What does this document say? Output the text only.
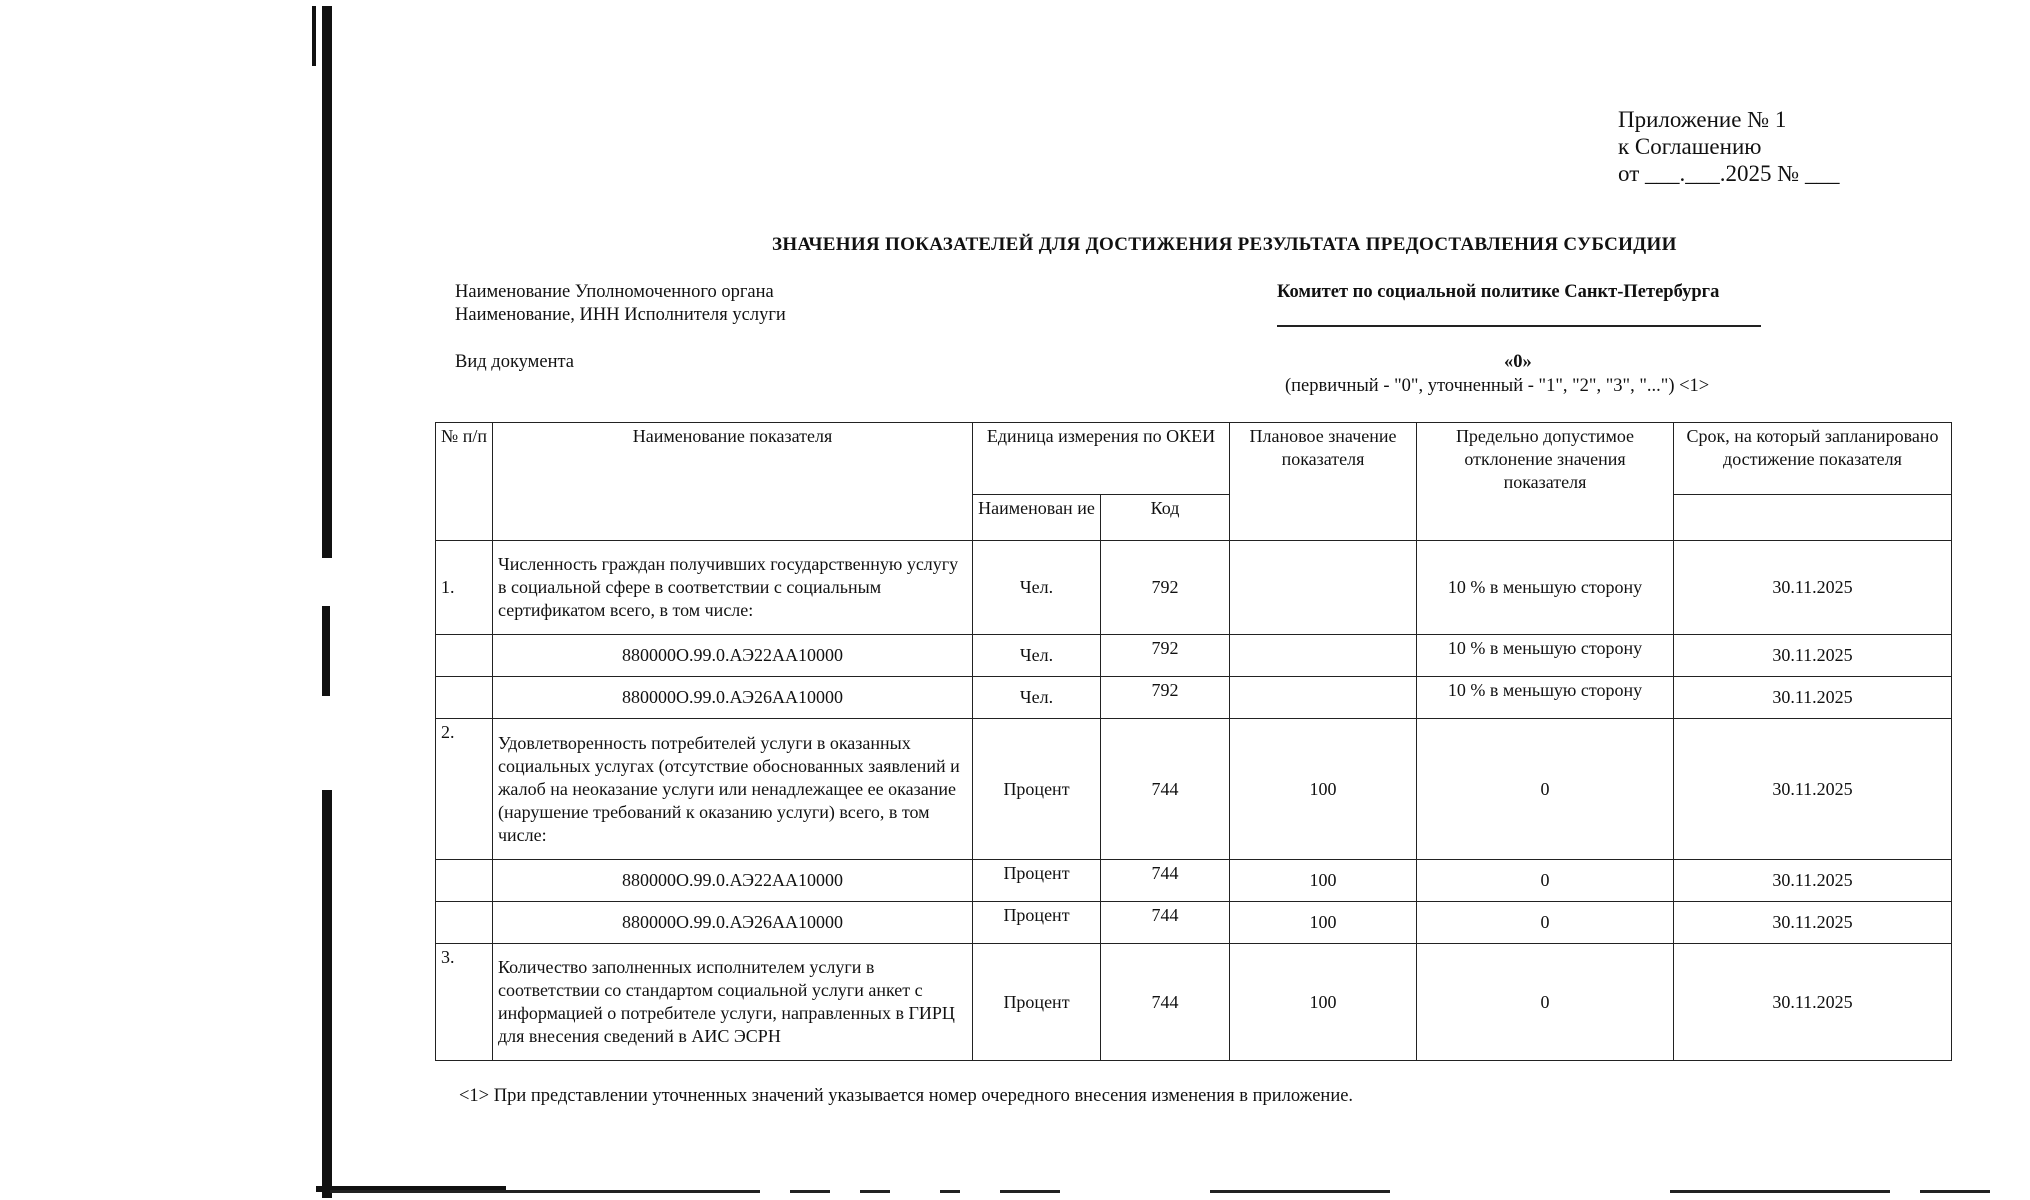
Приложение № 1
к Соглашению
от ___.___.2025 № ___
ЗНАЧЕНИЯ ПОКАЗАТЕЛЕЙ ДЛЯ ДОСТИЖЕНИЯ РЕЗУЛЬТАТА ПРЕДОСТАВЛЕНИЯ СУБСИДИИ
Наименование Уполномоченного органа
Наименование, ИНН Исполнителя услуги
Комитет по социальной политике Санкт-Петербурга
Вид документа	«0»
(первичный - "0", уточненный - "1", "2", "3", "...") <1>
№ п/п	Наименование показателя	Единица измерения по ОКЕИ		Плановое значение показателя	Предельно допустимое отклонение значения показателя	Срок, на который запланировано достижение показателя
		Наименован ие	Код			
1.	Численность граждан получивших государственную услугу в социальной сфере в соответствии с социальным сертификатом всего, в том числе:	Чел.	792		10 % в меньшую сторону	30.11.2025
	880000О.99.0.АЭ22АА10000	Чел.	792		10 % в меньшую сторону	30.11.2025
	880000О.99.0.АЭ26АА10000	Чел.	792		10 % в меньшую сторону	30.11.2025
2.	Удовлетворенность потребителей услуги в оказанных социальных услугах (отсутствие обоснованных заявлений и жалоб на неоказание услуги или ненадлежащее ее оказание (нарушение требований к оказанию услуги) всего, в том числе:	Процент	744	100	0	30.11.2025
	880000О.99.0.АЭ22АА10000	Процент	744	100	0	30.11.2025
	880000О.99.0.АЭ26АА10000	Процент	744	100	0	30.11.2025
3.	Количество заполненных исполнителем услуги в соответствии со стандартом социальной услуги анкет с информацией о потребителе услуги, направленных в ГИРЦ для внесения сведений в АИС ЭСРН	Процент	744	100	0	30.11.2025
<1> При представлении уточненных значений указывается номер очередного внесения изменения в приложение.
